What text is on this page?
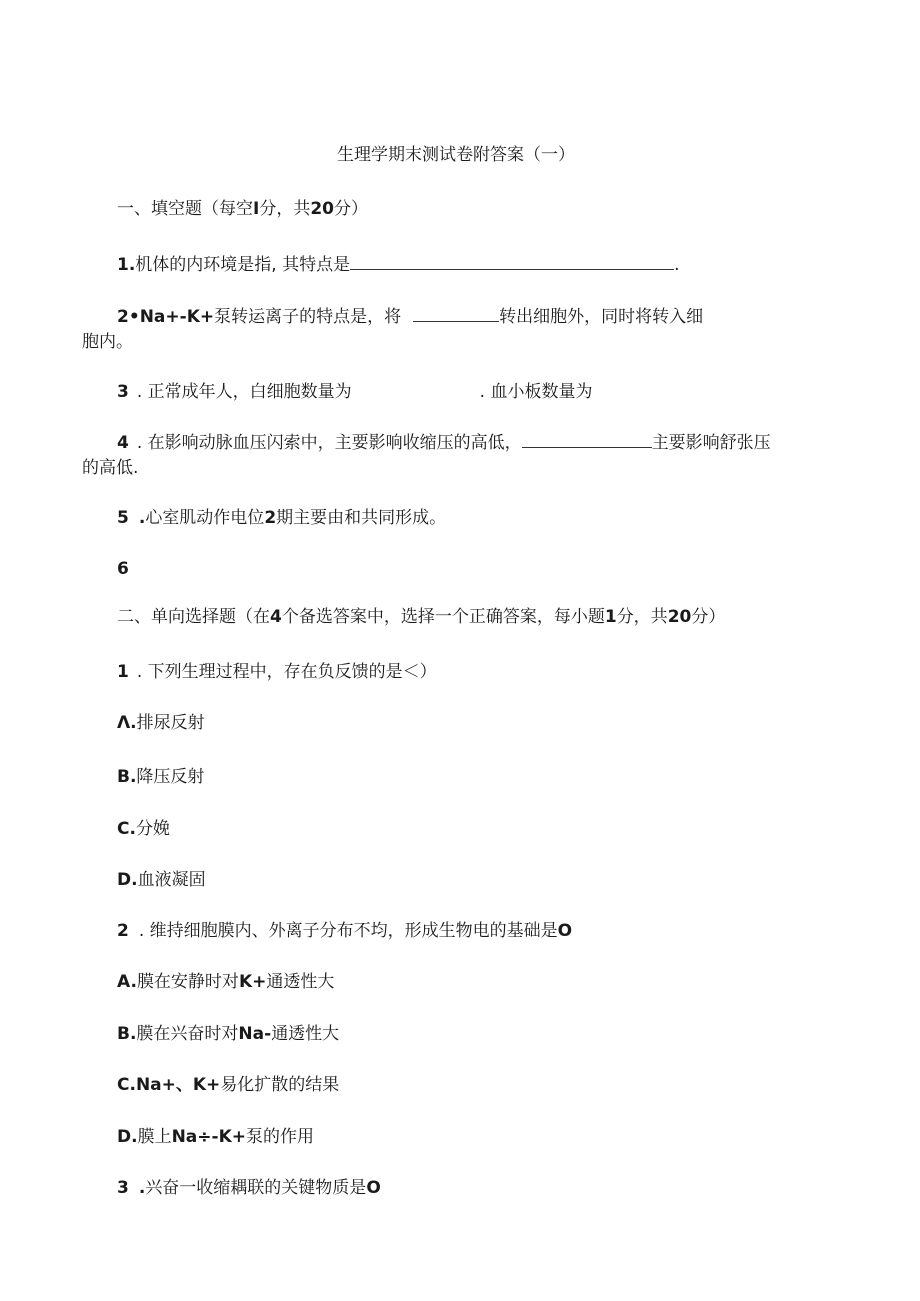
生理学期末测试卷附答案（一）
一、填空题（每空I分，共20分）
1.机体的内环境是指, 其特点是	.
2•Na+-K+泵转运离子的特点是，将	转出细胞外，同时将转入细
胞内。
3 . 正常成年人，白细胞数量为	. 血小板数量为
4 . 在影响动脉血压闪索中，主要影响收缩压的高低，	主要影响舒张压
的高低.
5 .心室肌动作电位2期主要由和共同形成。
6
二、单向选择题（在4个备选答案中，选择一个正确答案，每小题1分，共20分）
1 . 下列生理过程中，存在负反馈的是＜）
Λ.排尿反射
B.降压反射
C.分娩
D.血液凝固
2 . 维持细胞膜内、外离子分布不均，形成生物电的基础是O
A.膜在安静时对K+通透性大
B.膜在兴奋时对Na-通透性大
C.Na+、K+易化扩散的结果
D.膜上Na÷-K+泵的作用
3 .兴奋一收缩耦联的关键物质是O
